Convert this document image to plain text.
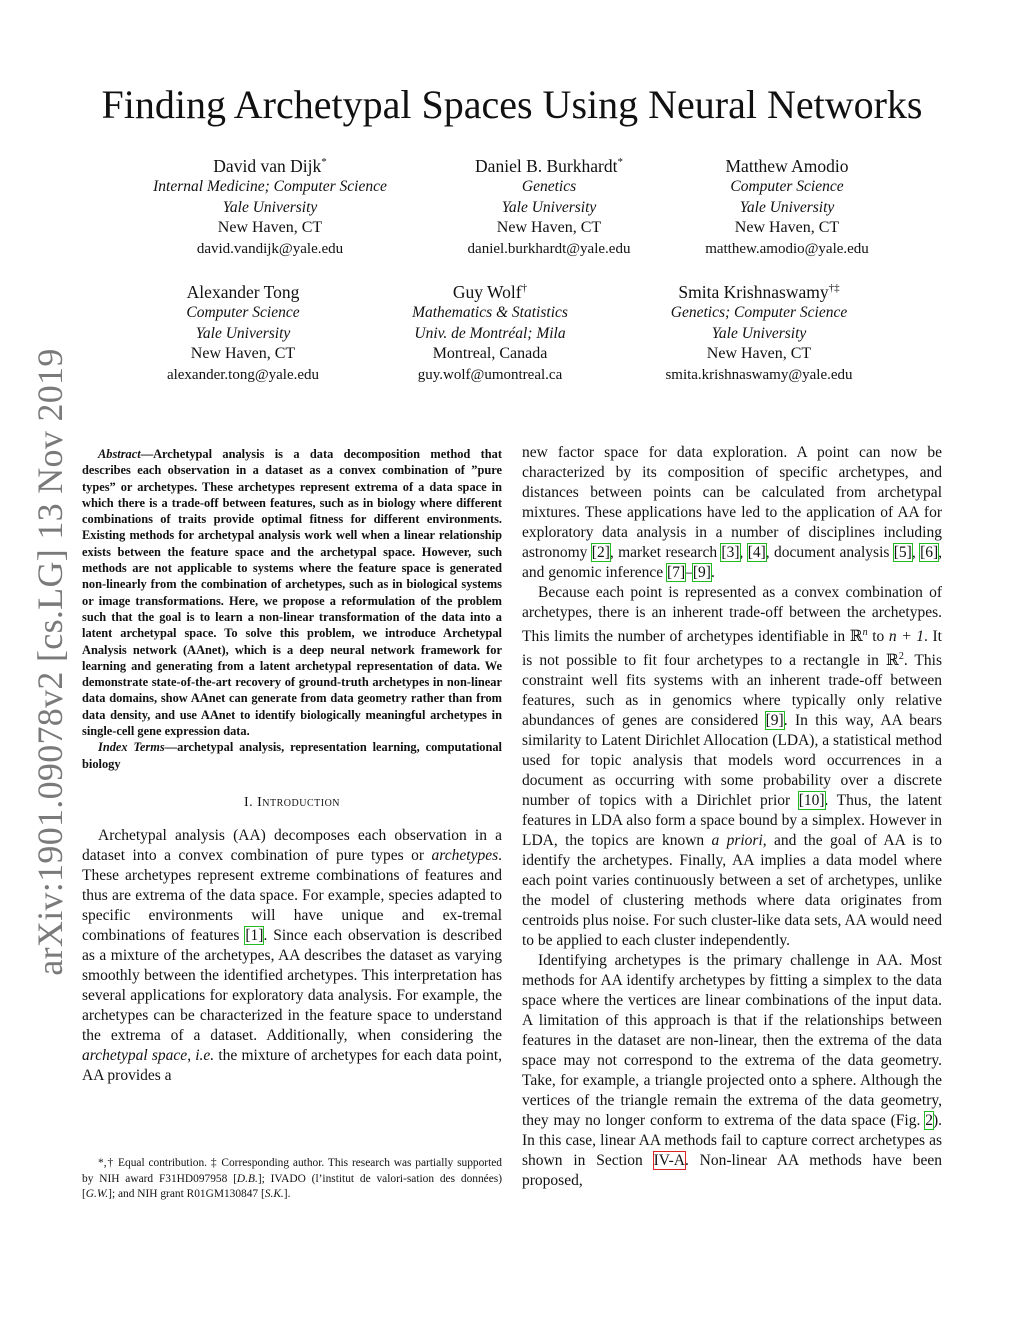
arXiv:1901.09078v2 [cs.LG] 13 Nov 2019
Finding Archetypal Spaces Using Neural Networks
David van Dijk*
Internal Medicine; Computer Science
Yale University
New Haven, CT
david.vandijk@yale.edu
Daniel B. Burkhardt*
Genetics
Yale University
New Haven, CT
daniel.burkhardt@yale.edu
Matthew Amodio
Computer Science
Yale University
New Haven, CT
matthew.amodio@yale.edu
Alexander Tong
Computer Science
Yale University
New Haven, CT
alexander.tong@yale.edu
Guy Wolf†
Mathematics & Statistics
Univ. de Montréal; Mila
Montreal, Canada
guy.wolf@umontreal.ca
Smita Krishnaswamy†‡
Genetics; Computer Science
Yale University
New Haven, CT
smita.krishnaswamy@yale.edu

Abstract—Archetypal analysis is a data decomposition method that describes each observation in a dataset as a convex combination of ”pure types” or archetypes. These archetypes represent extrema of a data space in which there is a trade-off between features, such as in biology where different combinations of traits provide optimal fitness for different environments. Existing methods for archetypal analysis work well when a linear relationship exists between the feature space and the archetypal space. However, such methods are not applicable to systems where the feature space is generated non-linearly from the combination of archetypes, such as in biological systems or image transformations. Here, we propose a reformulation of the problem such that the goal is to learn a non-linear transformation of the data into a latent archetypal space. To solve this problem, we introduce Archetypal Analysis network (AAnet), which is a deep neural network framework for learning and generating from a latent archetypal representation of data. We demonstrate state-of-the-art recovery of ground-truth archetypes in non-linear data domains, show AAnet can generate from data geometry rather than from data density, and use AAnet to identify biologically meaningful archetypes in single-cell gene expression data.

Index Terms—archetypal analysis, representation learning, computational biology

I. Introduction

Archetypal analysis (AA) decomposes each observation in a dataset into a convex combination of pure types or archetypes. These archetypes represent extreme combinations of features and thus are extrema of the data space. For example, species adapted to specific environments will have unique and ex-tremal combinations of features [1]. Since each observation is described as a mixture of the archetypes, AA describes the dataset as varying smoothly between the identified archetypes. This interpretation has several applications for exploratory data analysis. For example, the archetypes can be characterized in the feature space to understand the extrema of a dataset. Additionally, when considering the archetypal space, i.e. the mixture of archetypes for each data point, AA provides a

*,† Equal contribution. ‡ Corresponding author. This research was partially supported by NIH award F31HD097958 [D.B.]; IVADO (l’institut de valori-sation des données) [G.W.]; and NIH grant R01GM130847 [S.K.].

new factor space for data exploration. A point can now be characterized by its composition of specific archetypes, and distances between points can be calculated from archetypal mixtures. These applications have led to the application of AA for exploratory data analysis in a number of disciplines including astronomy [2], market research [3], [4], document analysis [5], [6], and genomic inference [7]–[9].

Because each point is represented as a convex combination of archetypes, there is an inherent trade-off between the archetypes. This limits the number of archetypes identifiable in ℝ$^n$ to n + 1. It is not possible to fit four archetypes to a rectangle in ℝ$^2$. This constraint well fits systems with an inherent trade-off between features, such as in genomics where typically only relative abundances of genes are considered [9]. In this way, AA bears similarity to Latent Dirichlet Allocation (LDA), a statistical method used for topic analysis that models word occurrences in a document as occurring with some probability over a discrete number of topics with a Dirichlet prior [10]. Thus, the latent features in LDA also form a space bound by a simplex. However in LDA, the topics are known a priori, and the goal of AA is to identify the archetypes. Finally, AA implies a data model where each point varies continuously between a set of archetypes, unlike the model of clustering methods where data originates from centroids plus noise. For such cluster-like data sets, AA would need to be applied to each cluster independently.

Identifying archetypes is the primary challenge in AA. Most methods for AA identify archetypes by fitting a simplex to the data space where the vertices are linear combinations of the input data. A limitation of this approach is that if the relationships between features in the dataset are non-linear, then the extrema of the data space may not correspond to the extrema of the data geometry. Take, for example, a triangle projected onto a sphere. Although the vertices of the triangle remain the extrema of the data geometry, they may no longer conform to extrema of the data space (Fig. 2). In this case, linear AA methods fail to capture correct archetypes as shown in Section IV-A. Non-linear AA methods have been proposed,
